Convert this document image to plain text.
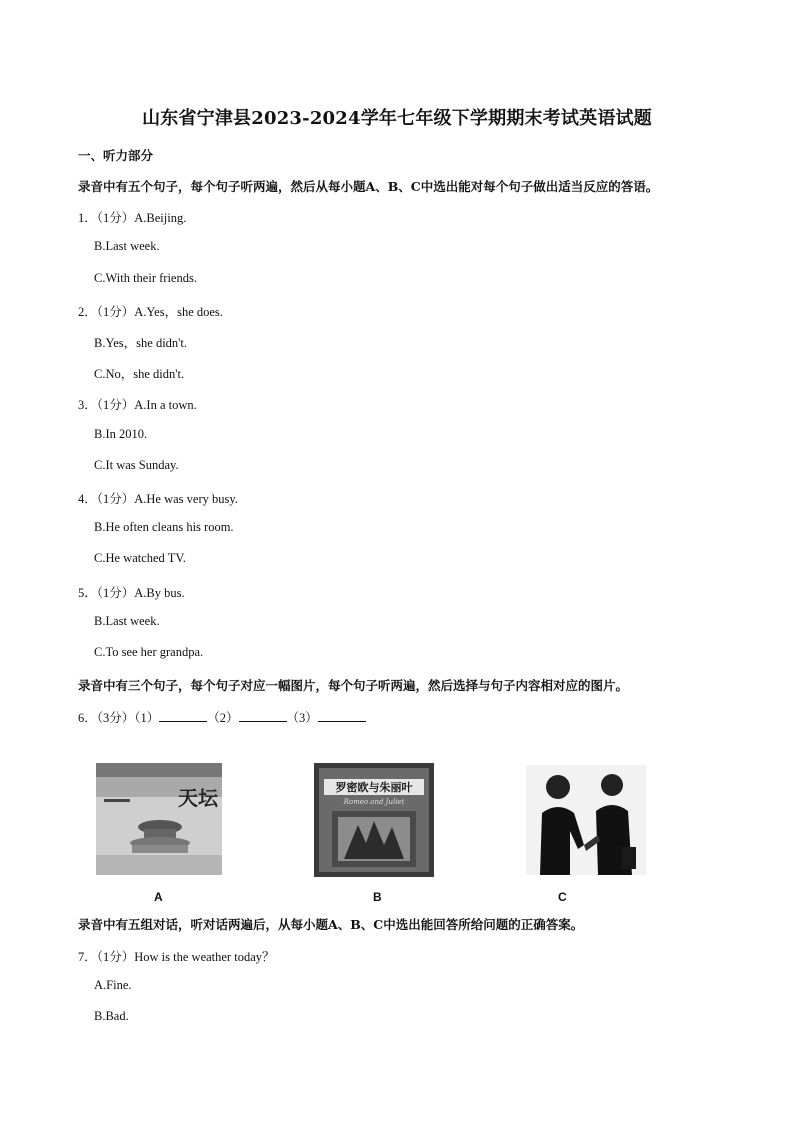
山东省宁津县2023-2024学年七年级下学期期末考试英语试题
一、听力部分
录音中有五个句子，每个句子听两遍，然后从每小题A、B、C中选出能对每个句子做出适当反应的答语。
1．（1分）A.Beijing.
B.Last week.
C.With their friends.
2．（1分）A.Yes，she does.
B.Yes，she didn't.
C.No，she didn't.
3．（1分）A.In a town.
B.In 2010.
C.It was Sunday.
4．（1分）A.He was very busy.
B.He often cleans his room.
C.He watched TV.
5．（1分）A.By bus.
B.Last week.
C.To see her grandpa.
录音中有三个句子，每个句子对应一幅图片，每个句子听两遍，然后选择与句子内容相对应的图片。
6．（3分）（1）	（2）	（3）
天坛
A
罗密欧与朱丽叶
Romeo and Juliet
B	C
录音中有五组对话，听对话两遍后，从每小题A、B、C中选出能回答所给问题的正确答案。
7．（1分）How is the weather today？
A.Fine.
B.Bad.
